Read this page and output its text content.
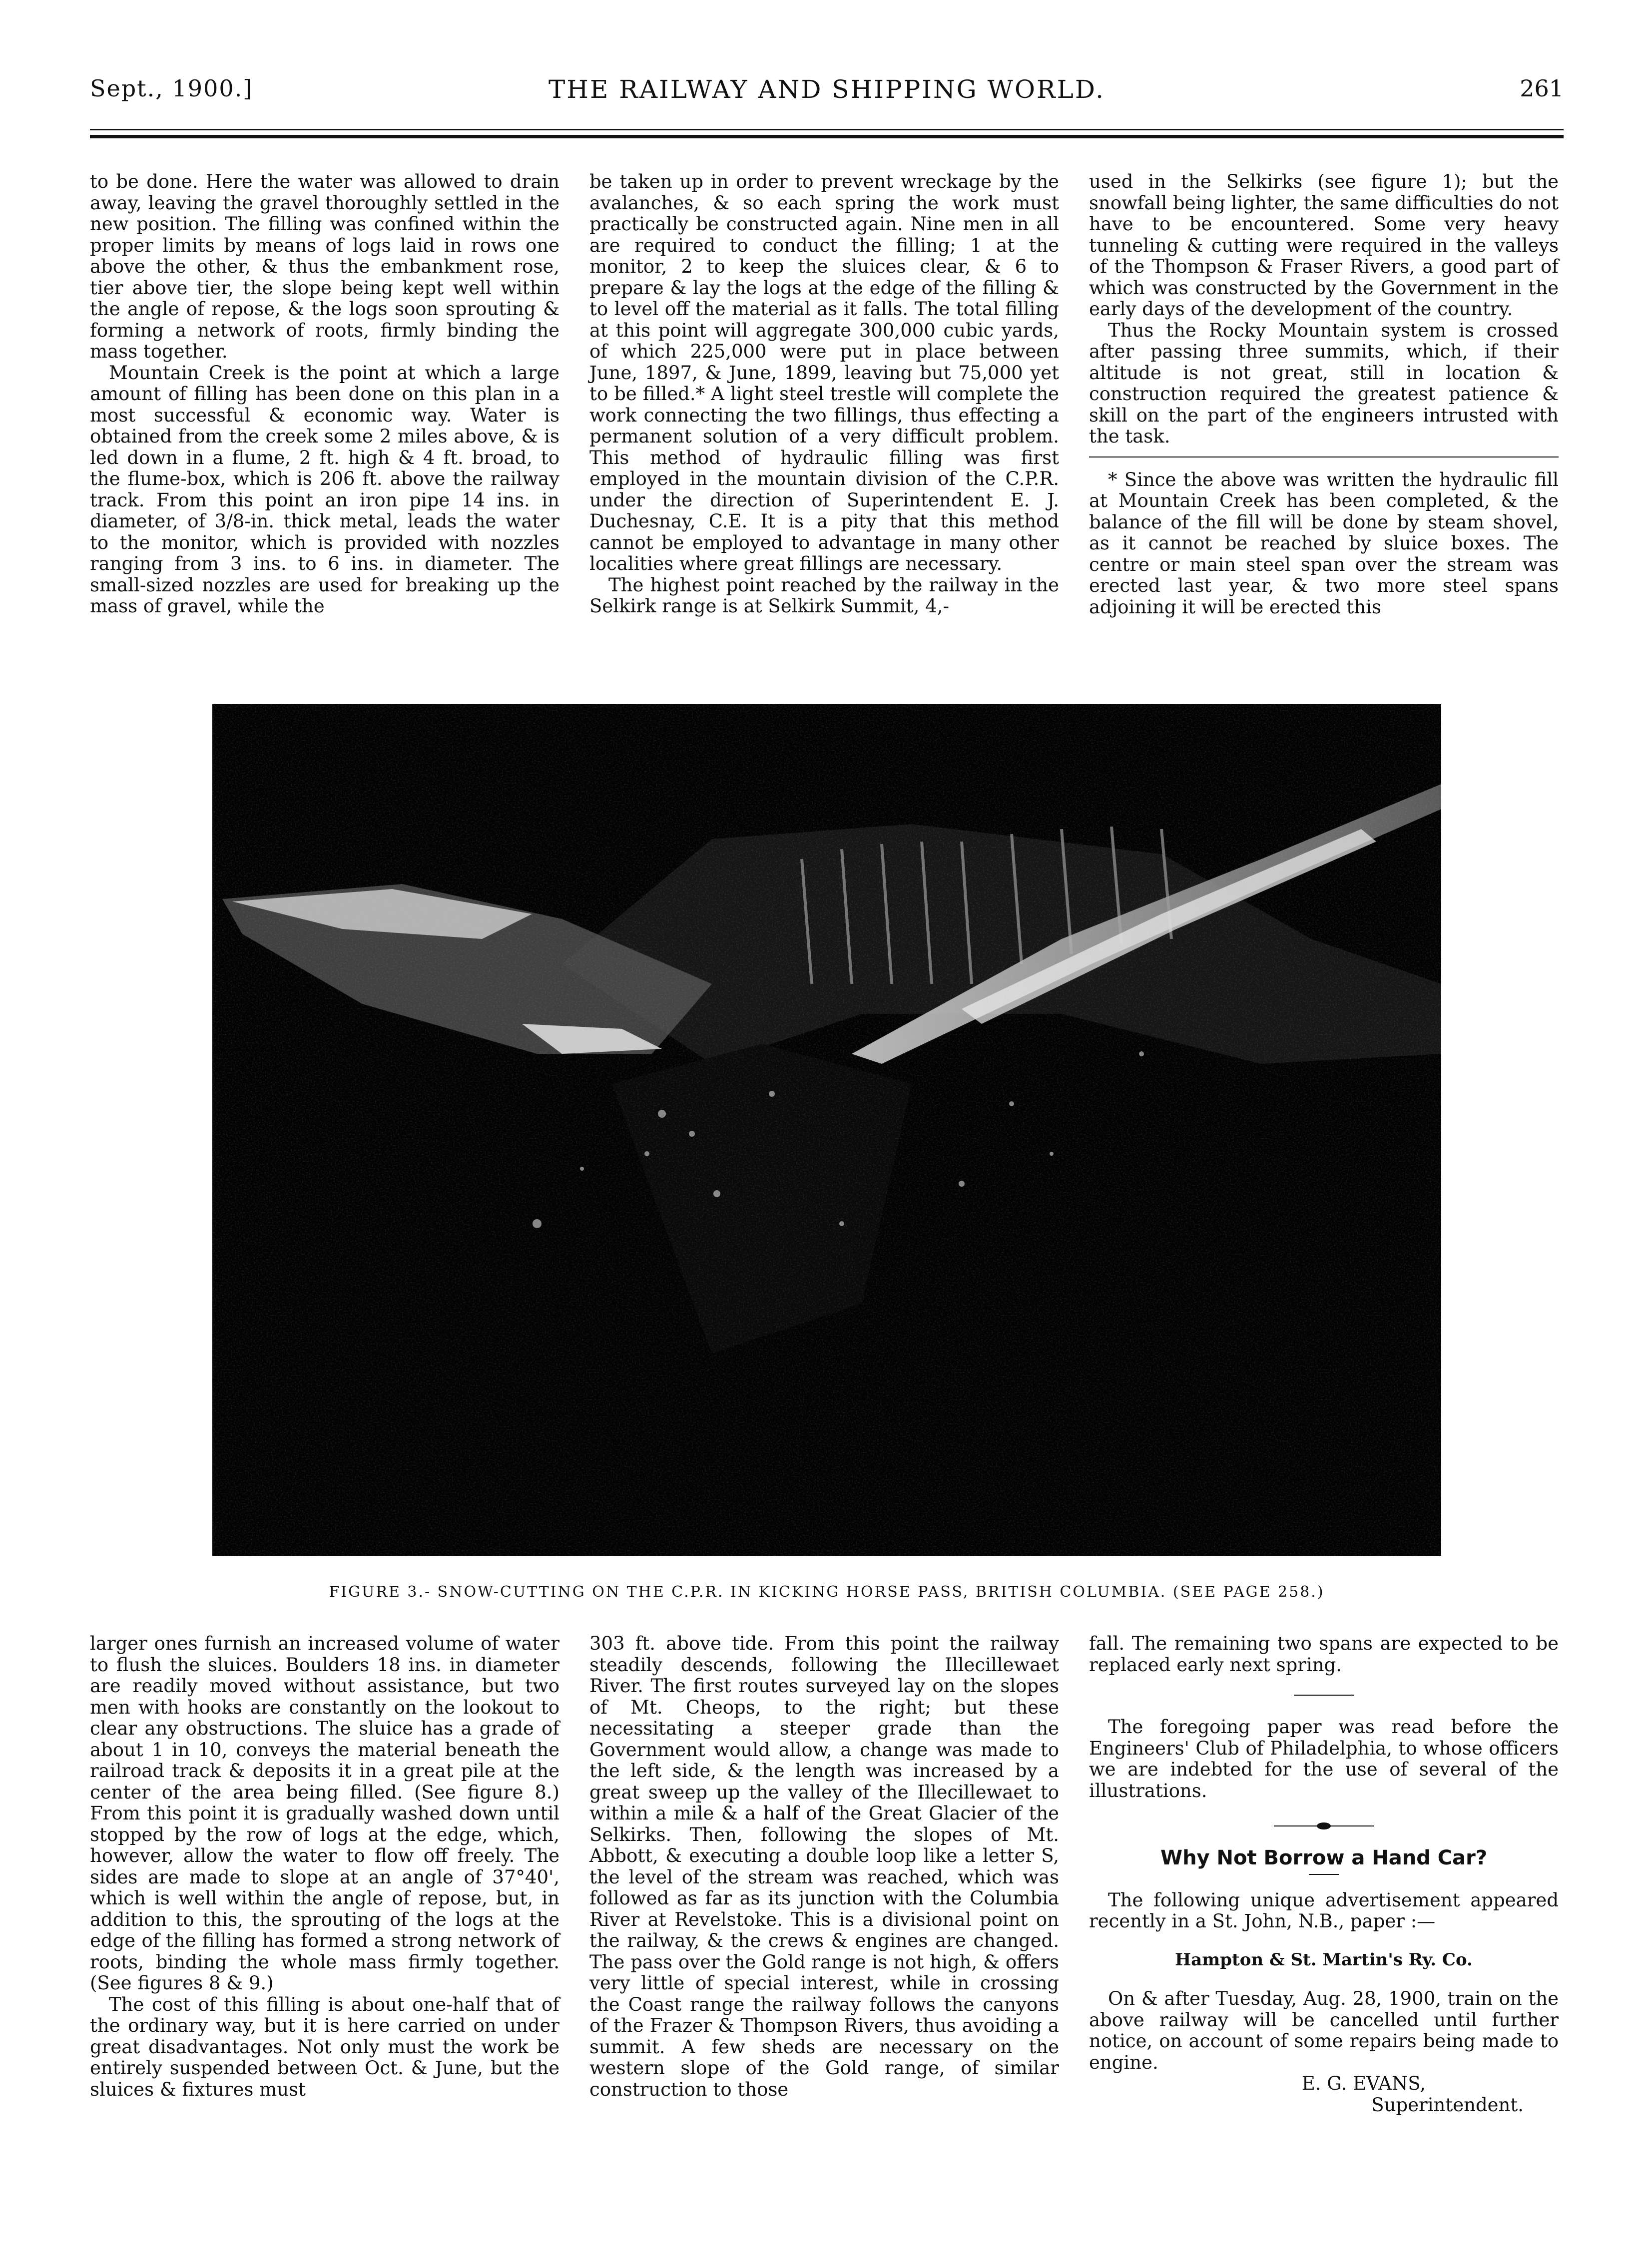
Sept., 1900.]	THE RAILWAY AND SHIPPING WORLD.	261

to be done. Here the water was allowed to drain away, leaving the gravel thoroughly settled in the new position. The filling was confined within the proper limits by means of logs laid in rows one above the other, & thus the embankment rose, tier above tier, the slope being kept well within the angle of repose, & the logs soon sprouting & forming a network of roots, firmly binding the mass together.

Mountain Creek is the point at which a large amount of filling has been done on this plan in a most successful & economic way. Water is obtained from the creek some 2 miles above, & is led down in a flume, 2 ft. high & 4 ft. broad, to the flume-box, which is 206 ft. above the railway track. From this point an iron pipe 14 ins. in diameter, of 3/8-in. thick metal, leads the water to the monitor, which is provided with nozzles ranging from 3 ins. to 6 ins. in diameter. The small-sized nozzles are used for breaking up the mass of gravel, while the

be taken up in order to prevent wreckage by the avalanches, & so each spring the work must practically be constructed again. Nine men in all are required to conduct the filling; 1 at the monitor, 2 to keep the sluices clear, & 6 to prepare & lay the logs at the edge of the filling & to level off the material as it falls. The total filling at this point will aggregate 300,000 cubic yards, of which 225,000 were put in place between June, 1897, & June, 1899, leaving but 75,000 yet to be filled.* A light steel trestle will complete the work connecting the two fillings, thus effecting a permanent solution of a very difficult problem. This method of hydraulic filling was first employed in the mountain division of the C.P.R. under the direction of Superintendent E. J. Duchesnay, C.E. It is a pity that this method cannot be employed to advantage in many other localities where great fillings are necessary.

The highest point reached by the railway in the Selkirk range is at Selkirk Summit, 4,-

used in the Selkirks (see figure 1); but the snowfall being lighter, the same difficulties do not have to be encountered. Some very heavy tunneling & cutting were required in the valleys of the Thompson & Fraser Rivers, a good part of which was constructed by the Government in the early days of the development of the country.

Thus the Rocky Mountain system is crossed after passing three summits, which, if their altitude is not great, still in location & construction required the greatest patience & skill on the part of the engineers intrusted with the task.

* Since the above was written the hydraulic fill at Mountain Creek has been completed, & the balance of the fill will be done by steam shovel, as it cannot be reached by sluice boxes. The centre or main steel span over the stream was erected last year, & two more steel spans adjoining it will be erected this

FIGURE 3.- SNOW-CUTTING ON THE C.P.R. IN KICKING HORSE PASS, BRITISH COLUMBIA. (SEE PAGE 258.)

larger ones furnish an increased volume of water to flush the sluices. Boulders 18 ins. in diameter are readily moved without assistance, but two men with hooks are constantly on the lookout to clear any obstructions. The sluice has a grade of about 1 in 10, conveys the material beneath the railroad track & deposits it in a great pile at the center of the area being filled. (See figure 8.) From this point it is gradually washed down until stopped by the row of logs at the edge, which, however, allow the water to flow off freely. The sides are made to slope at an angle of 37°40', which is well within the angle of repose, but, in addition to this, the sprouting of the logs at the edge of the filling has formed a strong network of roots, binding the whole mass firmly together. (See figures 8 & 9.)

The cost of this filling is about one-half that of the ordinary way, but it is here carried on under great disadvantages. Not only must the work be entirely suspended between Oct. & June, but the sluices & fixtures must

303 ft. above tide. From this point the railway steadily descends, following the Illecillewaet River. The first routes surveyed lay on the slopes of Mt. Cheops, to the right; but these necessitating a steeper grade than the Government would allow, a change was made to the left side, & the length was increased by a great sweep up the valley of the Illecillewaet to within a mile & a half of the Great Glacier of the Selkirks. Then, following the slopes of Mt. Abbott, & executing a double loop like a letter S, the level of the stream was reached, which was followed as far as its junction with the Columbia River at Revelstoke. This is a divisional point on the railway, & the crews & engines are changed. The pass over the Gold range is not high, & offers very little of special interest, while in crossing the Coast range the railway follows the canyons of the Frazer & Thompson Rivers, thus avoiding a summit. A few sheds are necessary on the western slope of the Gold range, of similar construction to those

fall. The remaining two spans are expected to be replaced early next spring.

The foregoing paper was read before the Engineers' Club of Philadelphia, to whose officers we are indebted for the use of several of the illustrations.

Why Not Borrow a Hand Car?

The following unique advertisement appeared recently in a St. John, N.B., paper :—

Hampton & St. Martin's Ry. Co.

On & after Tuesday, Aug. 28, 1900, train on the above railway will be cancelled until further notice, on account of some repairs being made to engine.

E. G. EVANS,
Superintendent.
